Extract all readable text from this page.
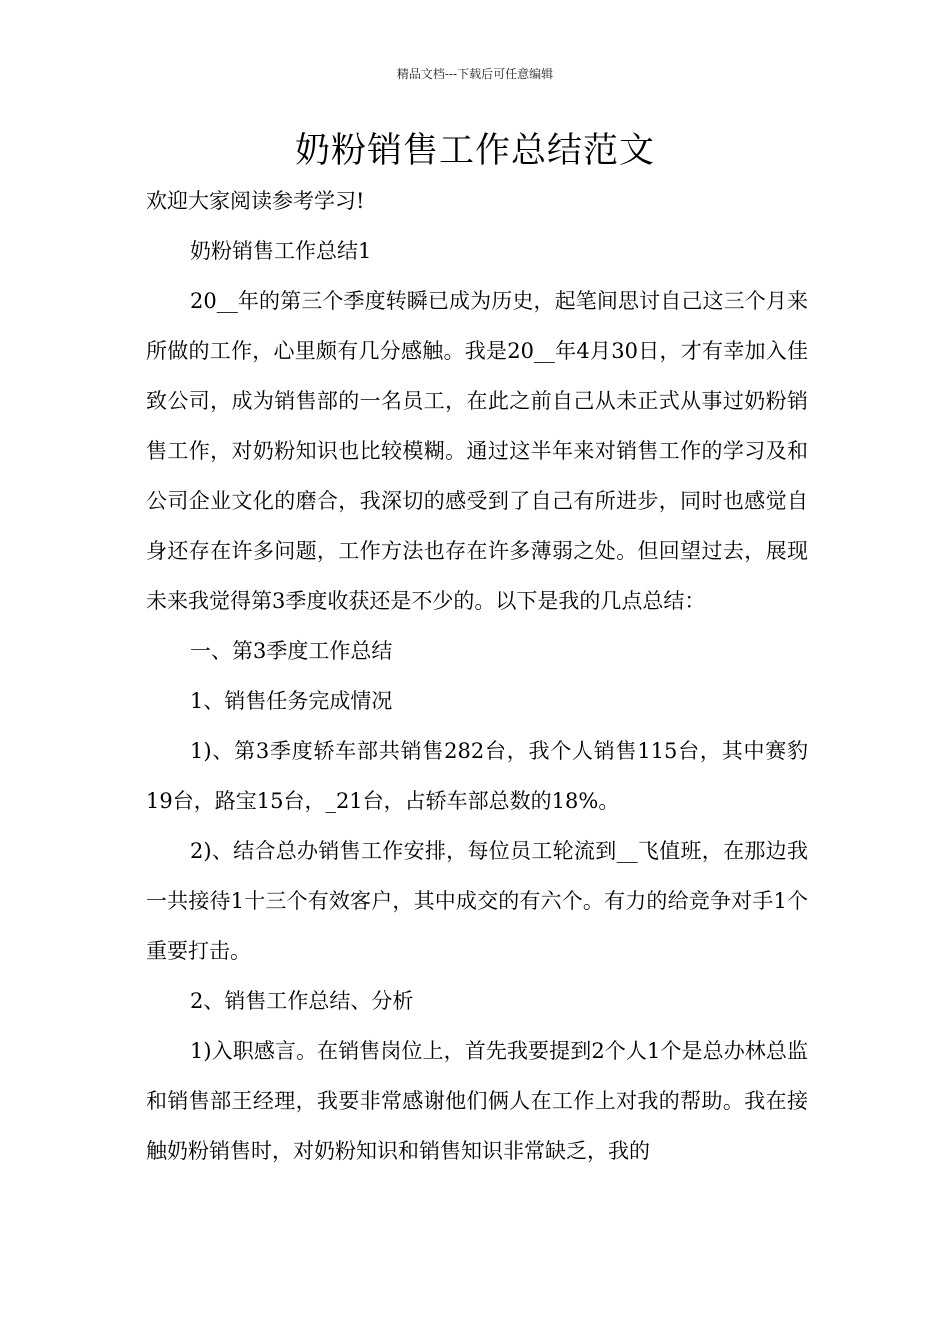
精品文档---下载后可任意编辑
奶粉销售工作总结范文

欢迎大家阅读参考学习!

奶粉销售工作总结1

20__年的第三个季度转瞬已成为历史，起笔间思讨自己这三个月来所做的工作，心里颇有几分感触。我是20__年4月30日，才有幸加入佳致公司，成为销售部的一名员工，在此之前自己从未正式从事过奶粉销售工作，对奶粉知识也比较模糊。通过这半年来对销售工作的学习及和公司企业文化的磨合，我深切的感受到了自己有所进步，同时也感觉自身还存在许多问题，工作方法也存在许多薄弱之处。但回望过去，展现未来我觉得第3季度收获还是不少的。以下是我的几点总结：

一、第3季度工作总结

1、销售任务完成情况

1)、第3季度轿车部共销售282台，我个人销售115台，其中赛豹19台，路宝15台，_21台，占轿车部总数的18%。

2)、结合总办销售工作安排，每位员工轮流到__飞值班，在那边我一共接待1十三个有效客户，其中成交的有六个。有力的给竞争对手1个重要打击。

2、销售工作总结、分析

1)入职感言。在销售岗位上，首先我要提到2个人1个是总办林总监和销售部王经理，我要非常感谢他们俩人在工作上对我的帮助。我在接触奶粉销售时，对奶粉知识和销售知识非常缺乏，我的
